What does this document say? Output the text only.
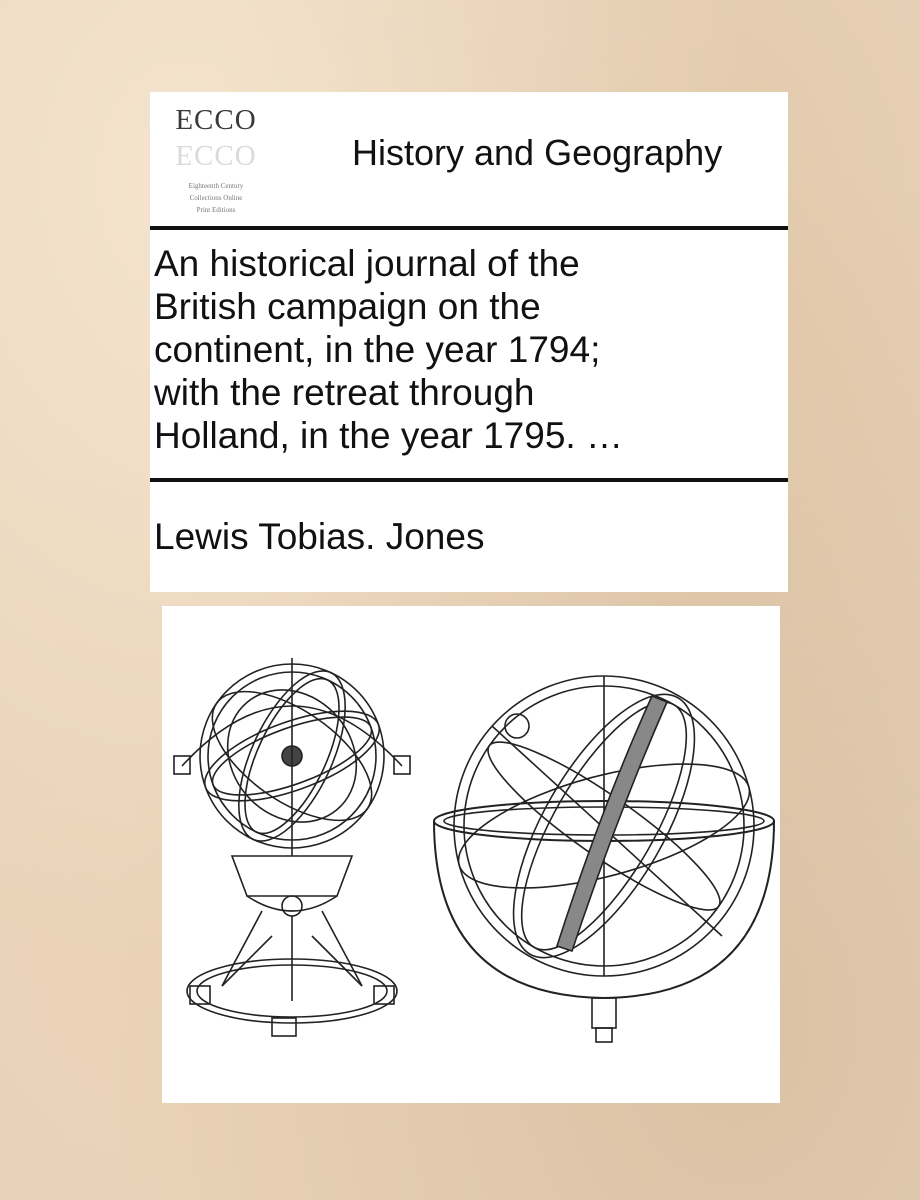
ECCO
ECCO
Eighteenth Century
Collections Online
Print Editions
History and Geography
An historical journal of the
British campaign on the
continent, in the year 1794;
with the retreat through
Holland, in the year 1795. …
Lewis Tobias. Jones
